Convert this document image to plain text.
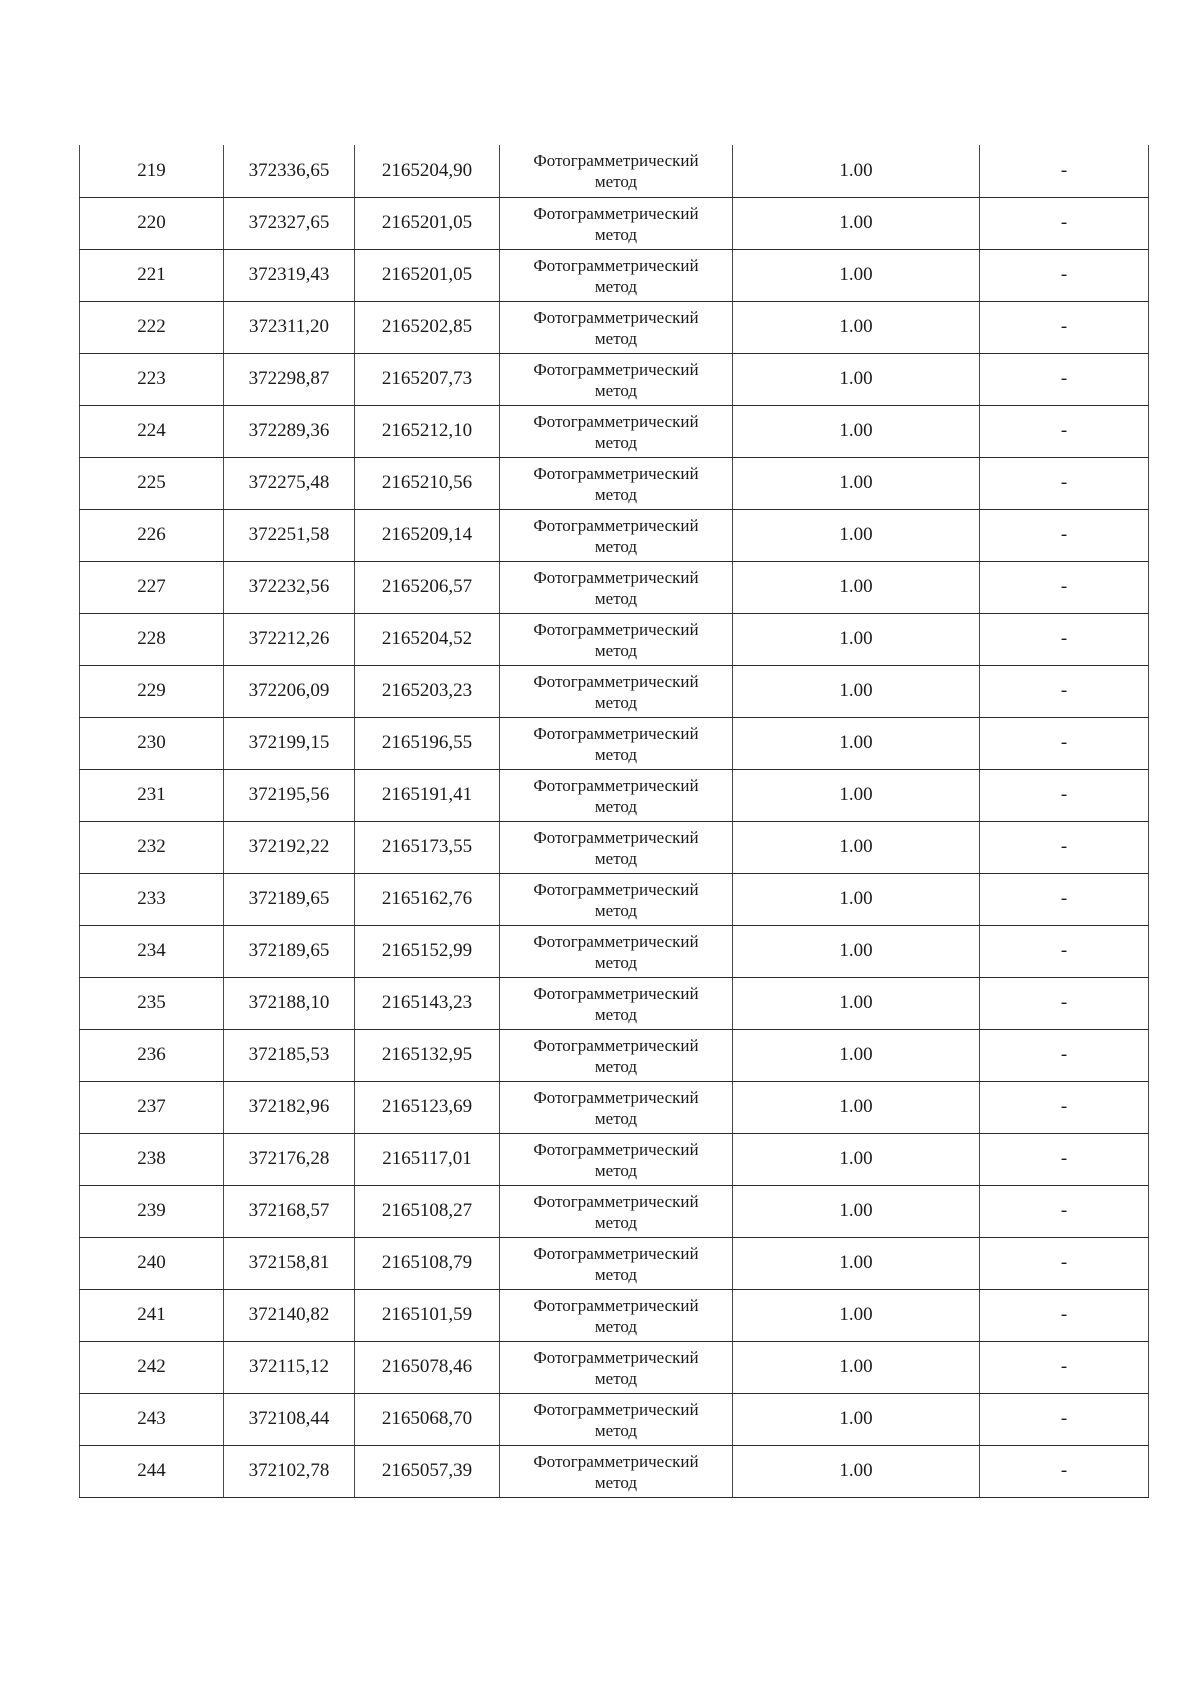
219	372336,65	2165204,90	Фотограмметрический метод	1.00	-
220	372327,65	2165201,05	Фотограмметрический метод	1.00	-
221	372319,43	2165201,05	Фотограмметрический метод	1.00	-
222	372311,20	2165202,85	Фотограмметрический метод	1.00	-
223	372298,87	2165207,73	Фотограмметрический метод	1.00	-
224	372289,36	2165212,10	Фотограмметрический метод	1.00	-
225	372275,48	2165210,56	Фотограмметрический метод	1.00	-
226	372251,58	2165209,14	Фотограмметрический метод	1.00	-
227	372232,56	2165206,57	Фотограмметрический метод	1.00	-
228	372212,26	2165204,52	Фотограмметрический метод	1.00	-
229	372206,09	2165203,23	Фотограмметрический метод	1.00	-
230	372199,15	2165196,55	Фотограмметрический метод	1.00	-
231	372195,56	2165191,41	Фотограмметрический метод	1.00	-
232	372192,22	2165173,55	Фотограмметрический метод	1.00	-
233	372189,65	2165162,76	Фотограмметрический метод	1.00	-
234	372189,65	2165152,99	Фотограмметрический метод	1.00	-
235	372188,10	2165143,23	Фотограмметрический метод	1.00	-
236	372185,53	2165132,95	Фотограмметрический метод	1.00	-
237	372182,96	2165123,69	Фотограмметрический метод	1.00	-
238	372176,28	2165117,01	Фотограмметрический метод	1.00	-
239	372168,57	2165108,27	Фотограмметрический метод	1.00	-
240	372158,81	2165108,79	Фотограмметрический метод	1.00	-
241	372140,82	2165101,59	Фотограмметрический метод	1.00	-
242	372115,12	2165078,46	Фотограмметрический метод	1.00	-
243	372108,44	2165068,70	Фотограмметрический метод	1.00	-
244	372102,78	2165057,39	Фотограмметрический метод	1.00	-
